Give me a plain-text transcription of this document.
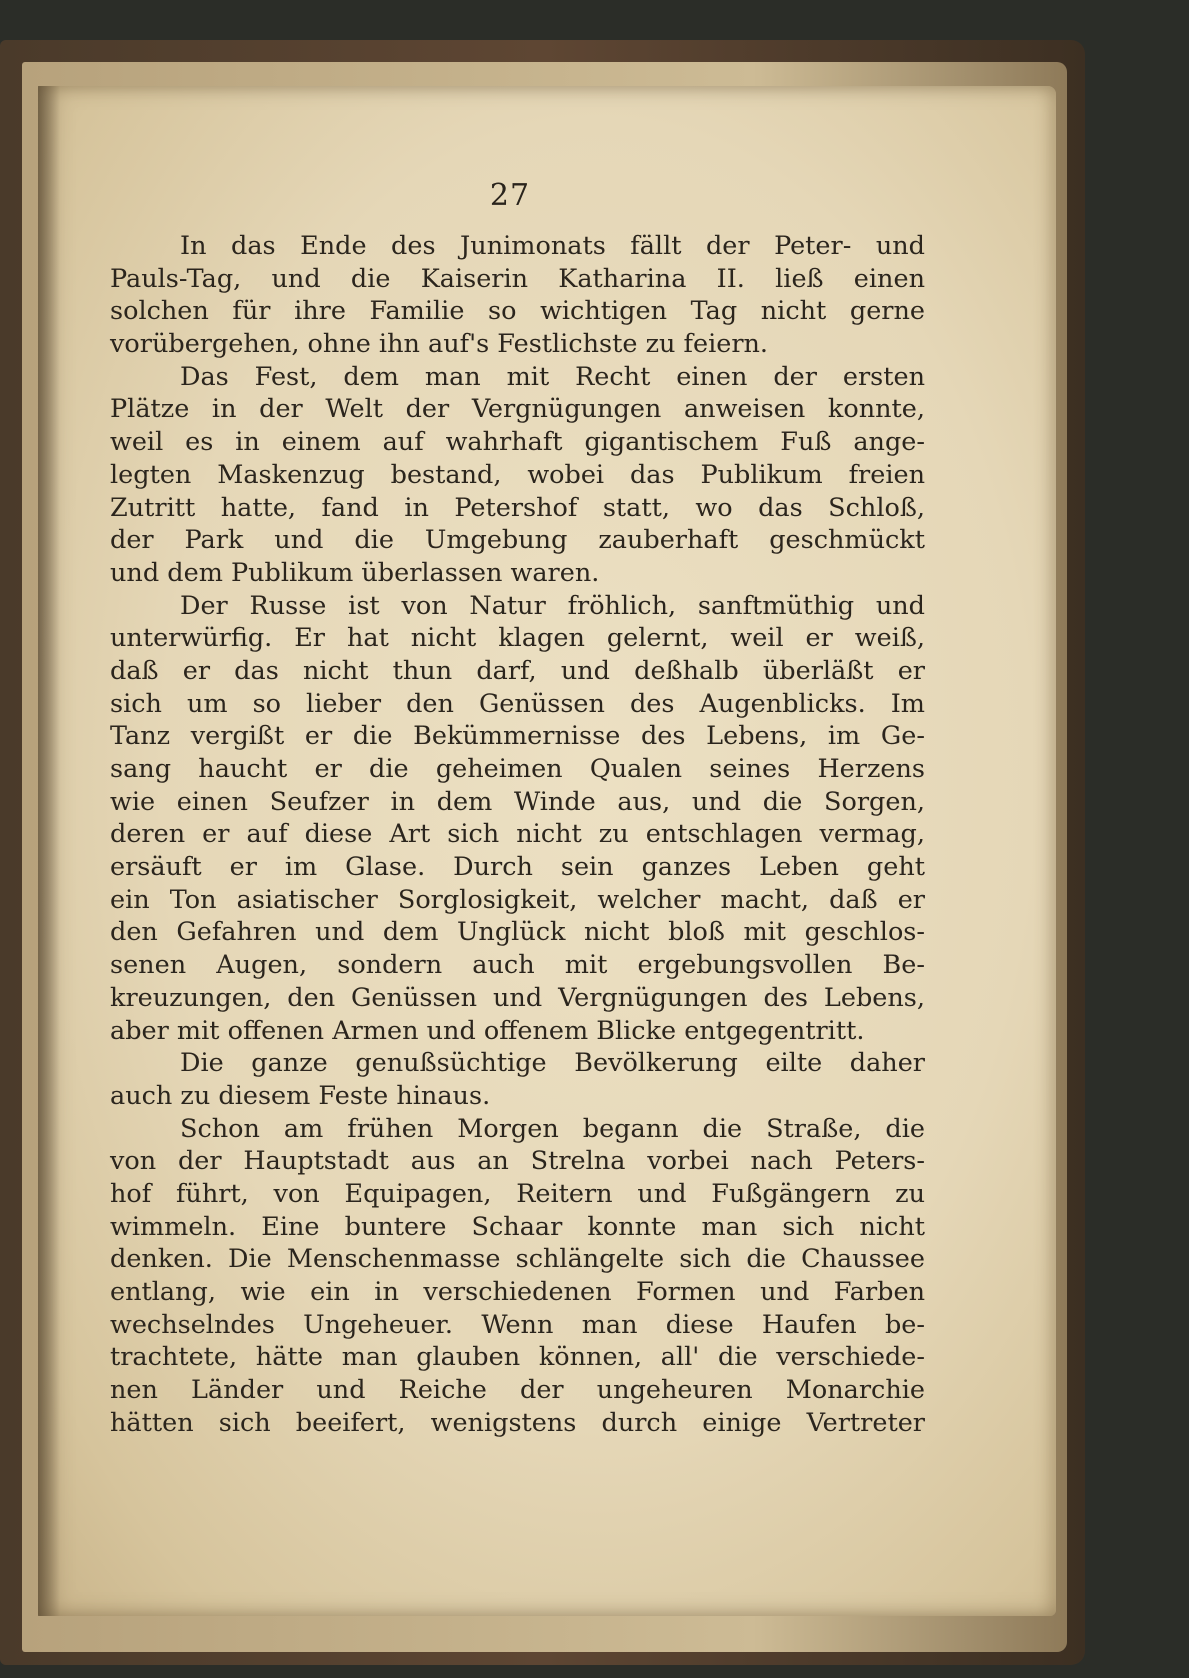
27
In das Ende des Junimonats fällt der Peter- und
Pauls-Tag, und die Kaiserin Katharina II. ließ einen
solchen für ihre Familie so wichtigen Tag nicht gerne
vorübergehen, ohne ihn auf's Festlichste zu feiern.
Das Fest, dem man mit Recht einen der ersten
Plätze in der Welt der Vergnügungen anweisen konnte,
weil es in einem auf wahrhaft gigantischem Fuß ange-
legten Maskenzug bestand, wobei das Publikum freien
Zutritt hatte, fand in Petershof statt, wo das Schloß,
der Park und die Umgebung zauberhaft geschmückt
und dem Publikum überlassen waren.
Der Russe ist von Natur fröhlich, sanftmüthig und
unterwürfig. Er hat nicht klagen gelernt, weil er weiß,
daß er das nicht thun darf, und deßhalb überläßt er
sich um so lieber den Genüssen des Augenblicks. Im
Tanz vergißt er die Bekümmernisse des Lebens, im Ge-
sang haucht er die geheimen Qualen seines Herzens
wie einen Seufzer in dem Winde aus, und die Sorgen,
deren er auf diese Art sich nicht zu entschlagen vermag,
ersäuft er im Glase. Durch sein ganzes Leben geht
ein Ton asiatischer Sorglosigkeit, welcher macht, daß er
den Gefahren und dem Unglück nicht bloß mit geschlos-
senen Augen, sondern auch mit ergebungsvollen Be-
kreuzungen, den Genüssen und Vergnügungen des Lebens,
aber mit offenen Armen und offenem Blicke entgegentritt.
Die ganze genußsüchtige Bevölkerung eilte daher
auch zu diesem Feste hinaus.
Schon am frühen Morgen begann die Straße, die
von der Hauptstadt aus an Strelna vorbei nach Peters-
hof führt, von Equipagen, Reitern und Fußgängern zu
wimmeln. Eine buntere Schaar konnte man sich nicht
denken. Die Menschenmasse schlängelte sich die Chaussee
entlang, wie ein in verschiedenen Formen und Farben
wechselndes Ungeheuer. Wenn man diese Haufen be-
trachtete, hätte man glauben können, all' die verschiede-
nen Länder und Reiche der ungeheuren Monarchie
hätten sich beeifert, wenigstens durch einige Vertreter
